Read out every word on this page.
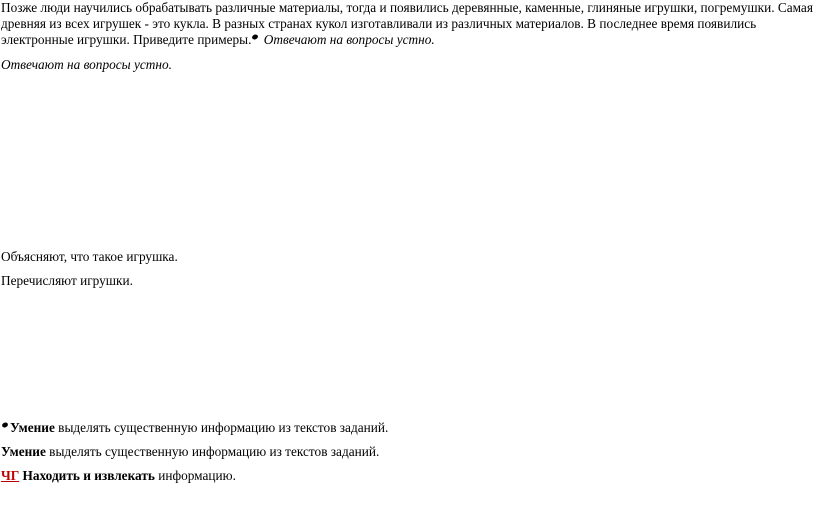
Позже люди научились обрабатывать различные материалы, тогда и появились деревянные, каменные, глиняные игрушки, погремушки. Самая древняя из всех игрушек - это кукла. В разных странах кукол изготавливали из различных материалов. В последнее время появились электронные игрушки. Приведите примеры. Отвечают на вопросы устно.

Отвечают на вопросы устно.

Объясняют, что такое игрушка.

Перечисляют игрушки.

Умение выделять существенную информацию из текстов заданий.

Умение выделять существенную информацию из текстов заданий.

ЧГ Находить и извлекать информацию.
